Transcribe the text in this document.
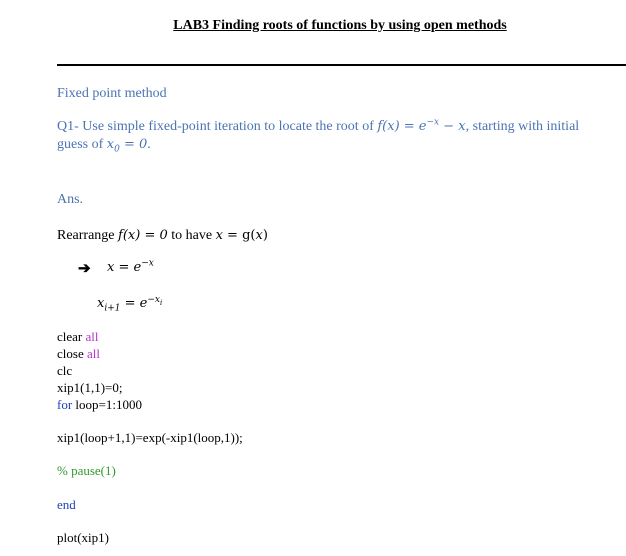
LAB3 Finding roots of functions by using open methods
Fixed point method
Q1- Use simple fixed-point iteration to locate the root of $f(x) = e^{-x} - x$, starting with initial
guess of $x_0 = 0$.
Ans.
Rearrange f(x) = 0 to have x = g(x)
➔ $x = e^{-x}$
$x_{i+1} = e^{-x_i}$
clear all
close all
clc
xip1(1,1)=0;
for loop=1:1000
xip1(loop+1,1)=exp(-xip1(loop,1));
% pause(1)
end
plot(xip1)
